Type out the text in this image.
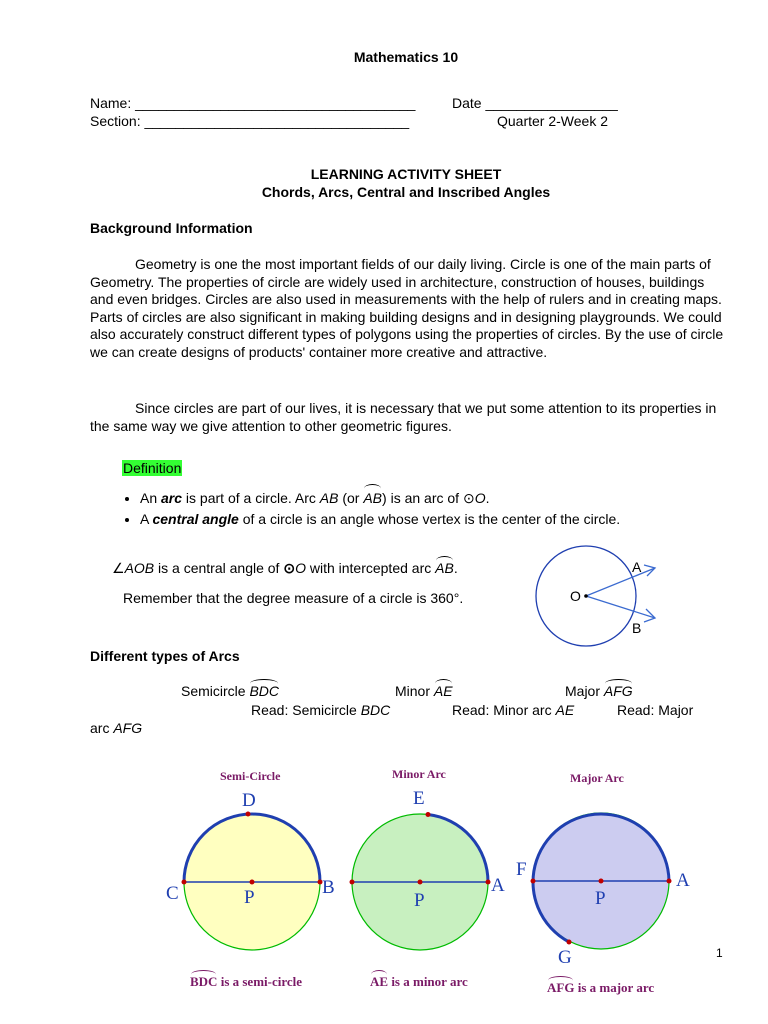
Mathematics 10
Name: ____________________________________	Date _________________
Section: __________________________________	Quarter 2-Week 2
LEARNING ACTIVITY SHEET
Chords, Arcs, Central and Inscribed Angles
Background Information
Geometry is one the most important fields of our daily living. Circle is one of the main parts of Geometry. The properties of circle are widely used in architecture, construction of houses, buildings and even bridges. Circles are also used in measurements with the help of rulers and in creating maps. Parts of circles are also significant in making building designs and in designing playgrounds. We could also accurately construct different types of polygons using the properties of circles. By the use of circle we can create designs of products' container more creative and attractive.
Since circles are part of our lives, it is necessary that we put some attention to its properties in the same way we give attention to other geometric figures.
Definition
• An arc is part of a circle. Arc AB (or AB) is an arc of ⊙O.
• A central angle of a circle is an angle whose vertex is the center of the circle.
∠AOB is a central angle of ⊙O with intercepted arc AB.
Remember that the degree measure of a circle is 360°.	O
A
B
Different types of Arcs
Semicircle BDC	Minor AE	Major AFG
Read: Semicircle BDC	Read: Minor arc AE	Read: Major
arc AFG
Semi-Circle
D
C	P	B
BDC is a semi-circle
Minor Arc
E
P
A
AE is a minor arc
Major Arc
F
P
A
G
AFG is a major arc
1
